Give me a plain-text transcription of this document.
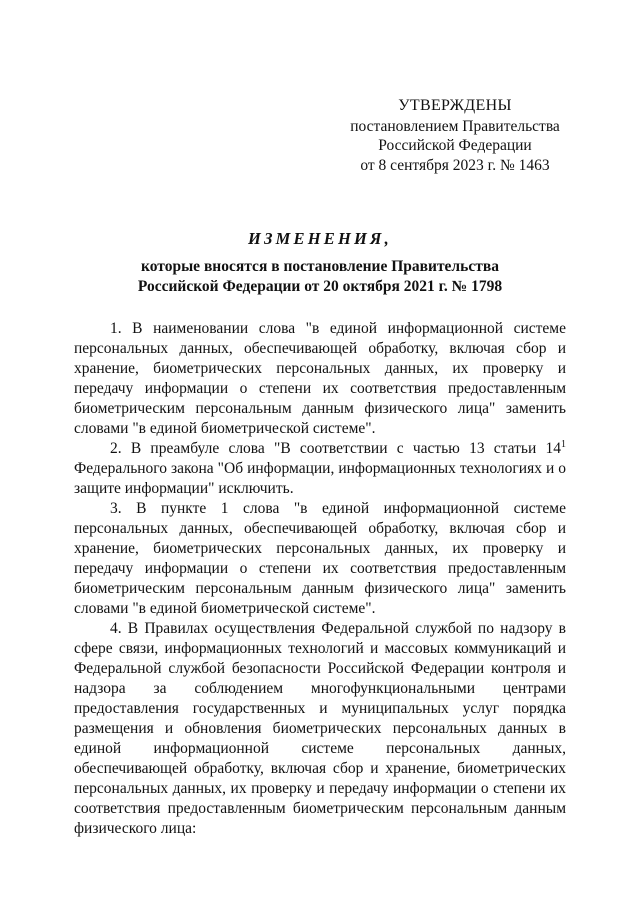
УТВЕРЖДЕНЫ
постановлением Правительства
Российской Федерации
от 8 сентября 2023 г. № 1463
ИЗМЕНЕНИЯ,
которые вносятся в постановление Правительства
Российской Федерации от 20 октября 2021 г. № 1798

1. В наименовании слова "в единой информационной системе персональных данных, обеспечивающей обработку, включая сбор и хранение, биометрических персональных данных, их проверку и передачу информации о степени их соответствия предоставленным биометрическим персональным данным физического лица" заменить словами "в единой биометрической системе".

2. В преамбуле слова "В соответствии с частью 13 статьи $14^1$ Федерального закона "Об информации, информационных технологиях и о защите информации" исключить.

3. В пункте 1 слова "в единой информационной системе персональных данных, обеспечивающей обработку, включая сбор и хранение, биометрических персональных данных, их проверку и передачу информации о степени их соответствия предоставленным биометрическим персональным данным физического лица" заменить словами "в единой биометрической системе".

4. В Правилах осуществления Федеральной службой по надзору в сфере связи, информационных технологий и массовых коммуникаций и Федеральной службой безопасности Российской Федерации контроля и надзора за соблюдением многофункциональными центрами предоставления государственных и муниципальных услуг порядка размещения и обновления биометрических персональных данных в единой информационной системе персональных данных, обеспечивающей обработку, включая сбор и хранение, биометрических персональных данных, их проверку и передачу информации о степени их соответствия предоставленным биометрическим персональным данным физического лица:
